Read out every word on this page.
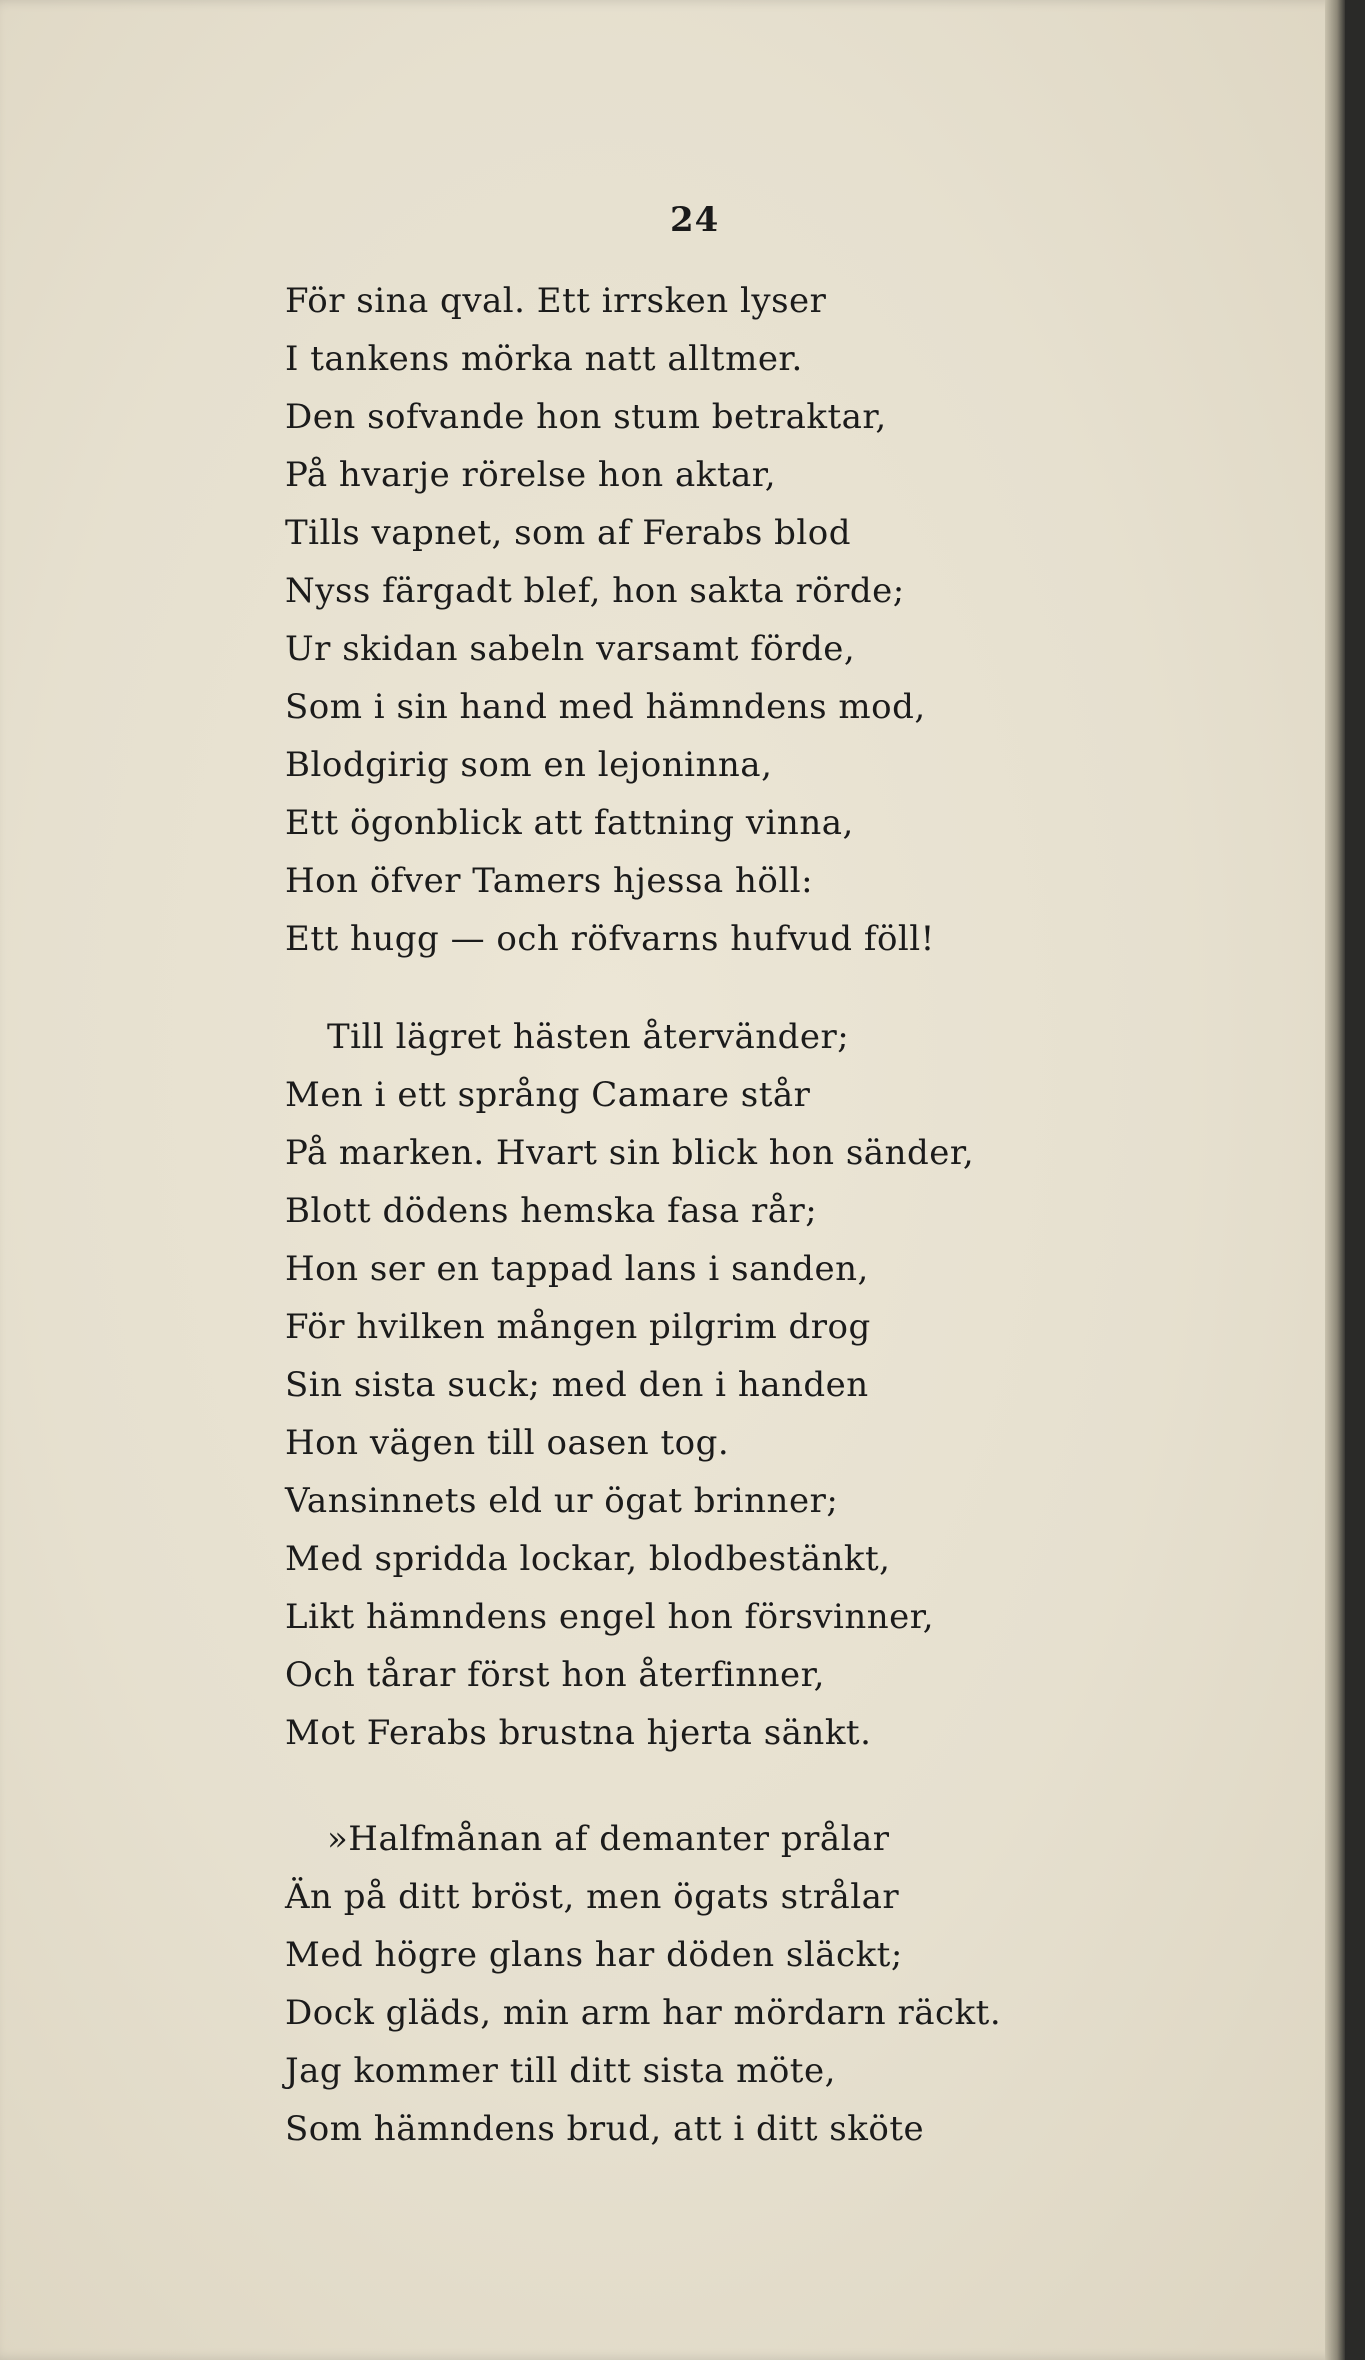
24
För sina qval. Ett irrsken lyser
I tankens mörka natt alltmer.
Den sofvande hon stum betraktar,
På hvarje rörelse hon aktar,
Tills vapnet, som af Ferabs blod
Nyss färgadt blef, hon sakta rörde;
Ur skidan sabeln varsamt förde,
Som i sin hand med hämndens mod,
Blodgirig som en lejoninna,
Ett ögonblick att fattning vinna,
Hon öfver Tamers hjessa höll:
Ett hugg — och röfvarns hufvud föll!
Till lägret hästen återvänder;
Men i ett språng Camare står
På marken. Hvart sin blick hon sänder,
Blott dödens hemska fasa rår;
Hon ser en tappad lans i sanden,
För hvilken mången pilgrim drog
Sin sista suck; med den i handen
Hon vägen till oasen tog.
Vansinnets eld ur ögat brinner;
Med spridda lockar, blodbestänkt,
Likt hämndens engel hon försvinner,
Och tårar först hon återfinner,
Mot Ferabs brustna hjerta sänkt.
»Halfmånan af demanter prålar
Än på ditt bröst, men ögats strålar
Med högre glans har döden släckt;
Dock gläds, min arm har mördarn räckt.
Jag kommer till ditt sista möte,
Som hämndens brud, att i ditt sköte
